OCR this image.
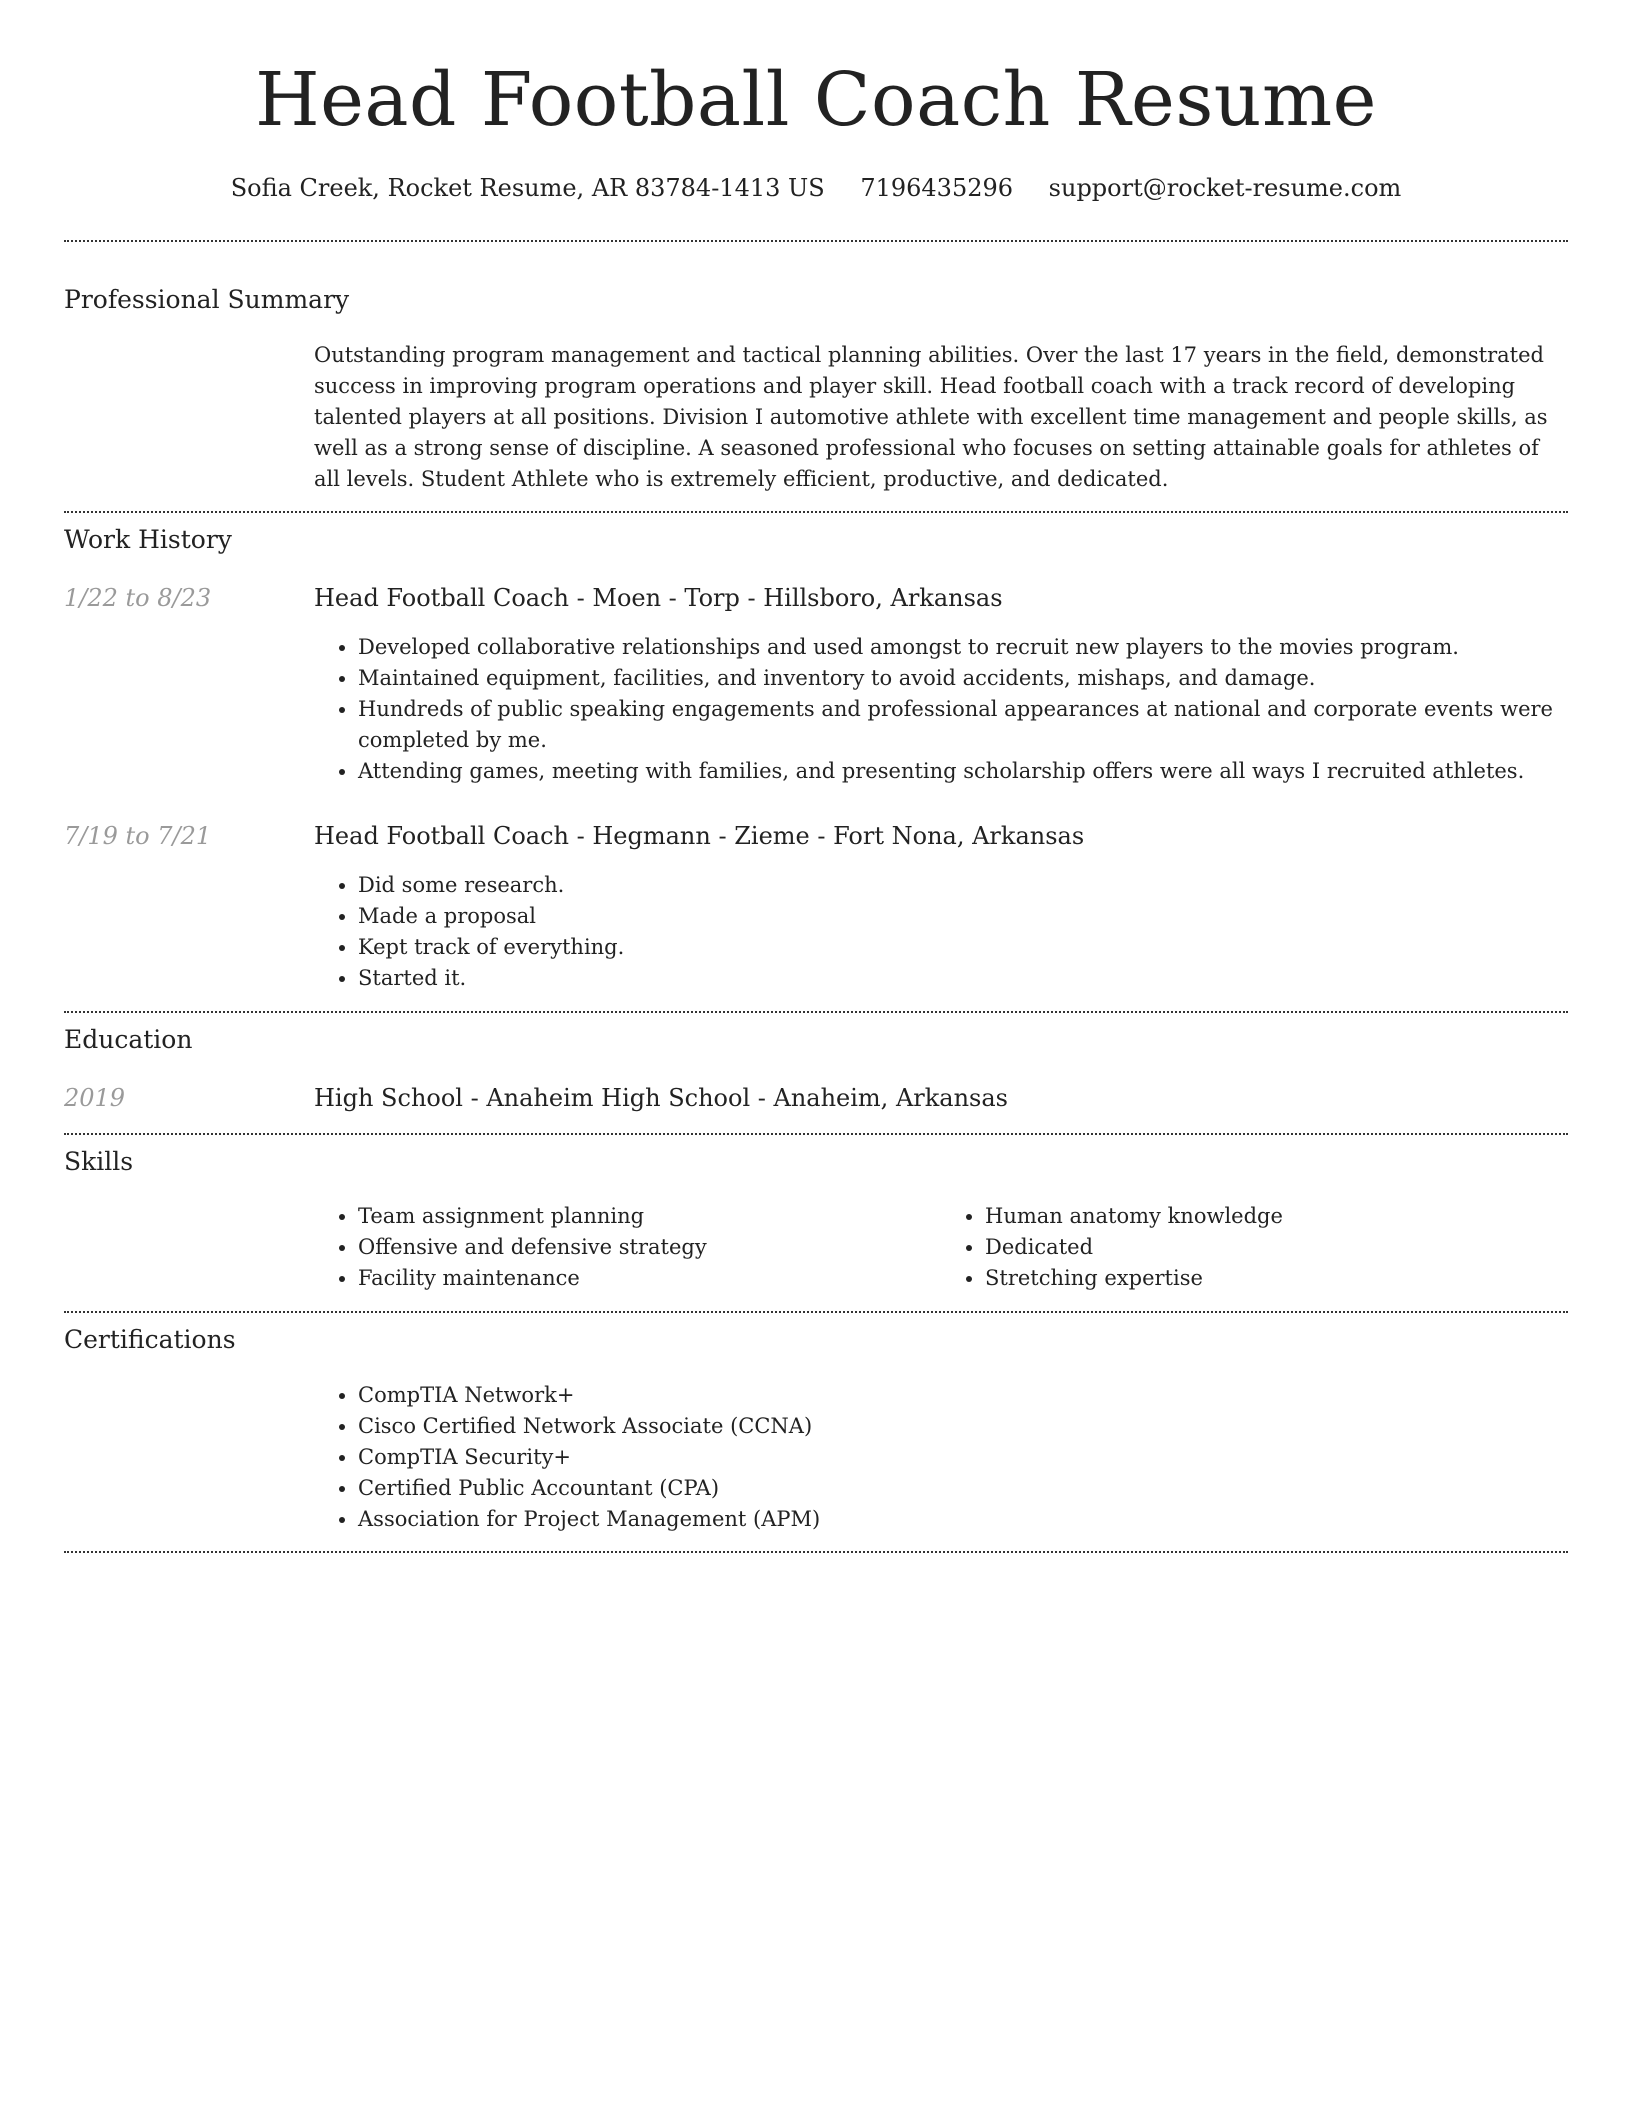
Head Football Coach Resume
Sofia Creek, Rocket Resume, AR 83784-1413 US 7196435296 support@rocket-resume.com
Professional Summary

Outstanding program management and tactical planning abilities. Over the last 17 years in the field, demonstrated success in improving program operations and player skill. Head football coach with a track record of developing talented players at all positions. Division I automotive athlete with excellent time management and people skills, as well as a strong sense of discipline. A seasoned professional who focuses on setting attainable goals for athletes of all levels. Student Athlete who is extremely efficient, productive, and dedicated.

Work History
1/22 to 8/23	Head Football Coach - Moen - Torp - Hillsboro, Arkansas
• Developed collaborative relationships and used amongst to recruit new players to the movies program.
• Maintained equipment, facilities, and inventory to avoid accidents, mishaps, and damage.
• Hundreds of public speaking engagements and professional appearances at national and corporate events were completed by me.
• Attending games, meeting with families, and presenting scholarship offers were all ways I recruited athletes.
7/19 to 7/21	Head Football Coach - Hegmann - Zieme - Fort Nona, Arkansas
• Did some research.
• Made a proposal
• Kept track of everything.
• Started it.
Education
2019	High School - Anaheim High School - Anaheim, Arkansas
Skills
• Team assignment planning
• Offensive and defensive strategy
• Facility maintenance
• Human anatomy knowledge
• Dedicated
• Stretching expertise
Certifications
• CompTIA Network+
• Cisco Certified Network Associate (CCNA)
• CompTIA Security+
• Certified Public Accountant (CPA)
• Association for Project Management (APM)
